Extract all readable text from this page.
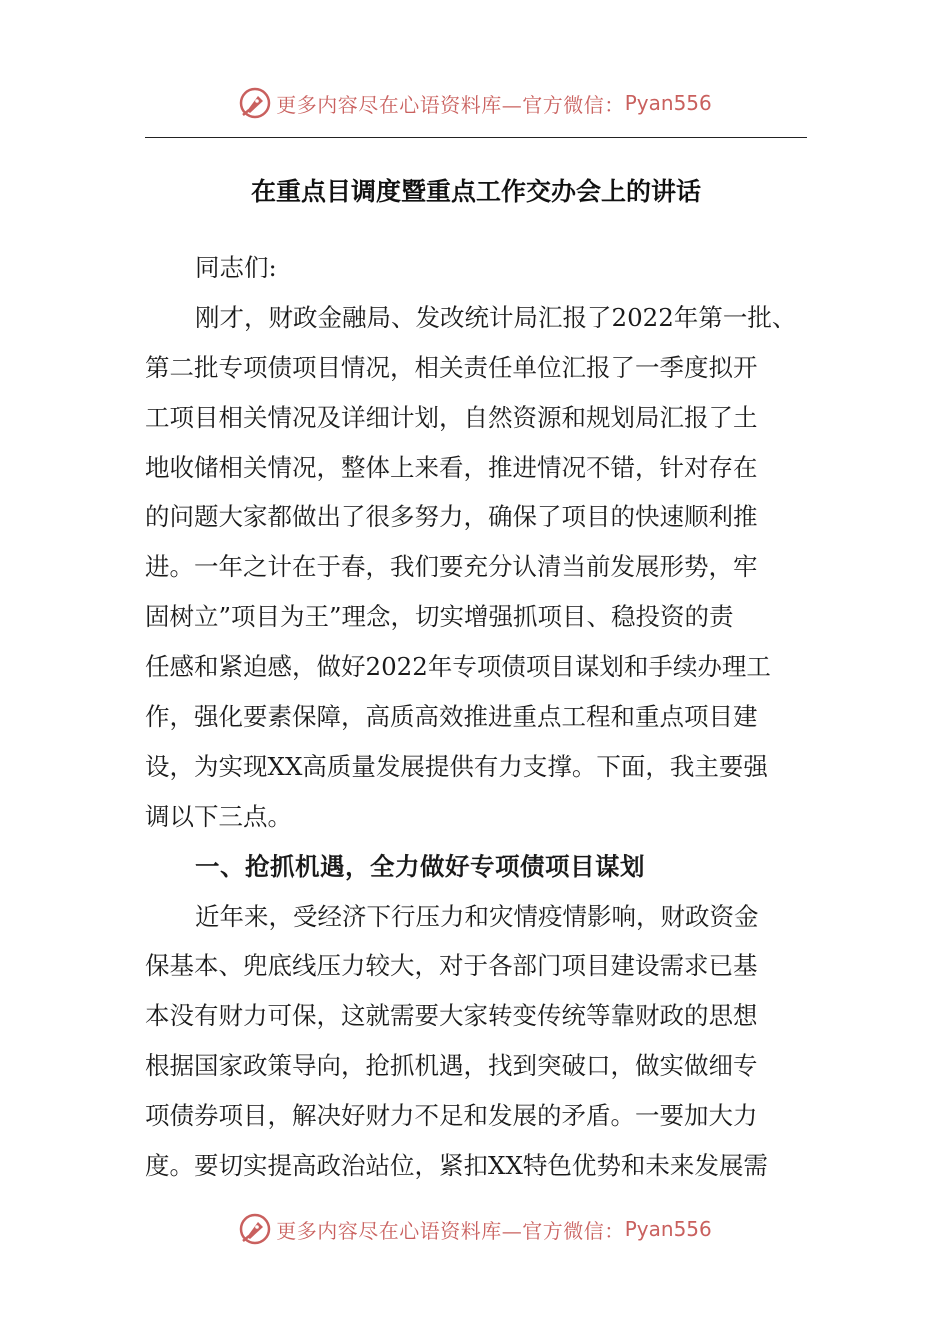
更多内容尽在心语资料库—官方微信： Pyan556
在重点目调度暨重点工作交办会上的讲话
同志们:
刚才，财政金融局、发改统计局汇报了2022年第一批、
第二批专项债项目情况，相关责任单位汇报了一季度拟开
工项目相关情况及详细计划，自然资源和规划局汇报了土
地收储相关情况，整体上来看，推进情况不错，针对存在
的问题大家都做出了很多努力，确保了项目的快速顺利推
进。一年之计在于春，我们要充分认清当前发展形势，牢
固树立”项目为王”理念，切实增强抓项目、稳投资的责
任感和紧迫感，做好2022年专项债项目谋划和手续办理工
作，强化要素保障，高质高效推进重点工程和重点项目建
设，为实现XX高质量发展提供有力支撑。下面，我主要强
调以下三点。
一、抢抓机遇，全力做好专项债项目谋划
近年来，受经济下行压力和灾情疫情影响，财政资金
保基本、兜底线压力较大，对于各部门项目建设需求已基
本没有财力可保，这就需要大家转变传统等靠财政的思想
根据国家政策导向，抢抓机遇，找到突破口，做实做细专
项债券项目，解决好财力不足和发展的矛盾。一要加大力
度。要切实提高政治站位，紧扣XX特色优势和未来发展需
更多内容尽在心语资料库—官方微信： Pyan556
